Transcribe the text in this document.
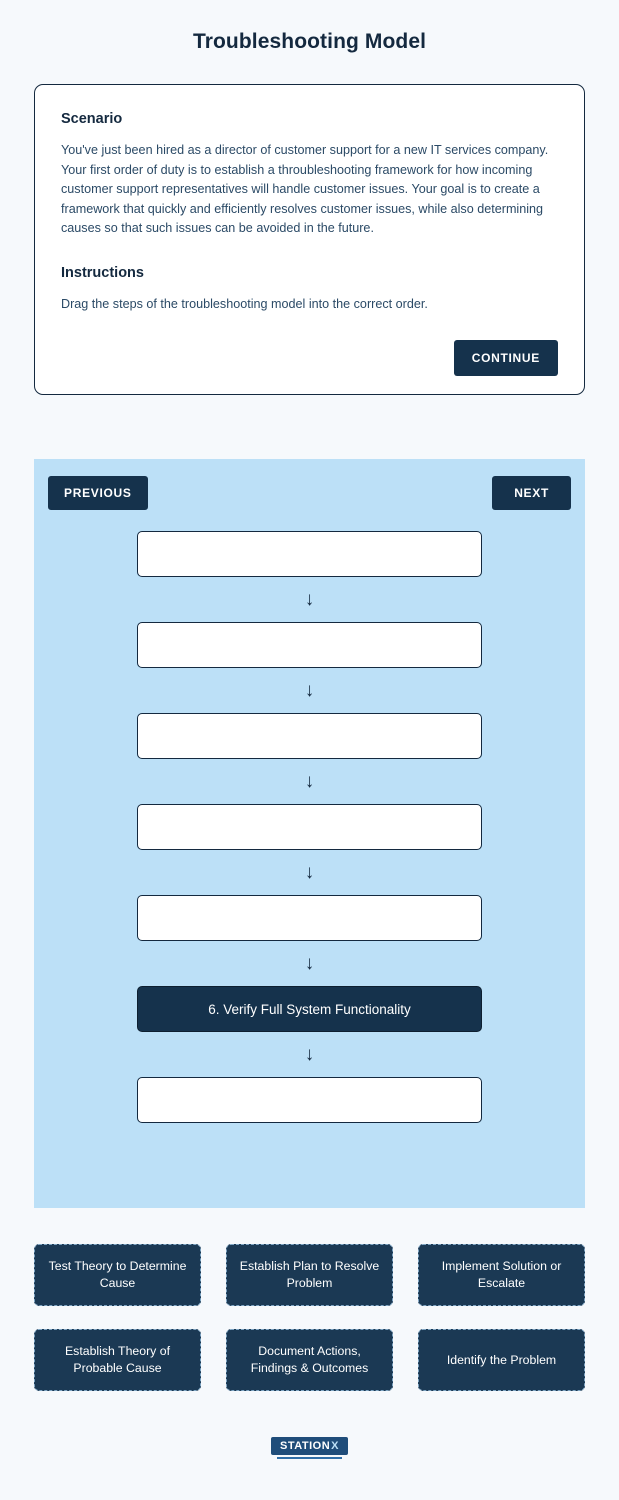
Troubleshooting Model
Scenario

You've just been hired as a director of customer support for a new IT services company. Your first order of duty is to establish a throubleshooting framework for how incoming customer support representatives will handle customer issues. Your goal is to create a framework that quickly and efficiently resolves customer issues, while also determining causes so that such issues can be avoided in the future.

Instructions

Drag the steps of the troubleshooting model into the correct order.

CONTINUE
PREVIOUS	NEXT
↓
↓
↓
↓
↓
6. Verify Full System Functionality
↓
Test Theory to Determine Cause
Establish Plan to Resolve Problem
Implement Solution or Escalate
Establish Theory of Probable Cause
Document Actions, Findings & Outcomes
Identify the Problem
STATION X
